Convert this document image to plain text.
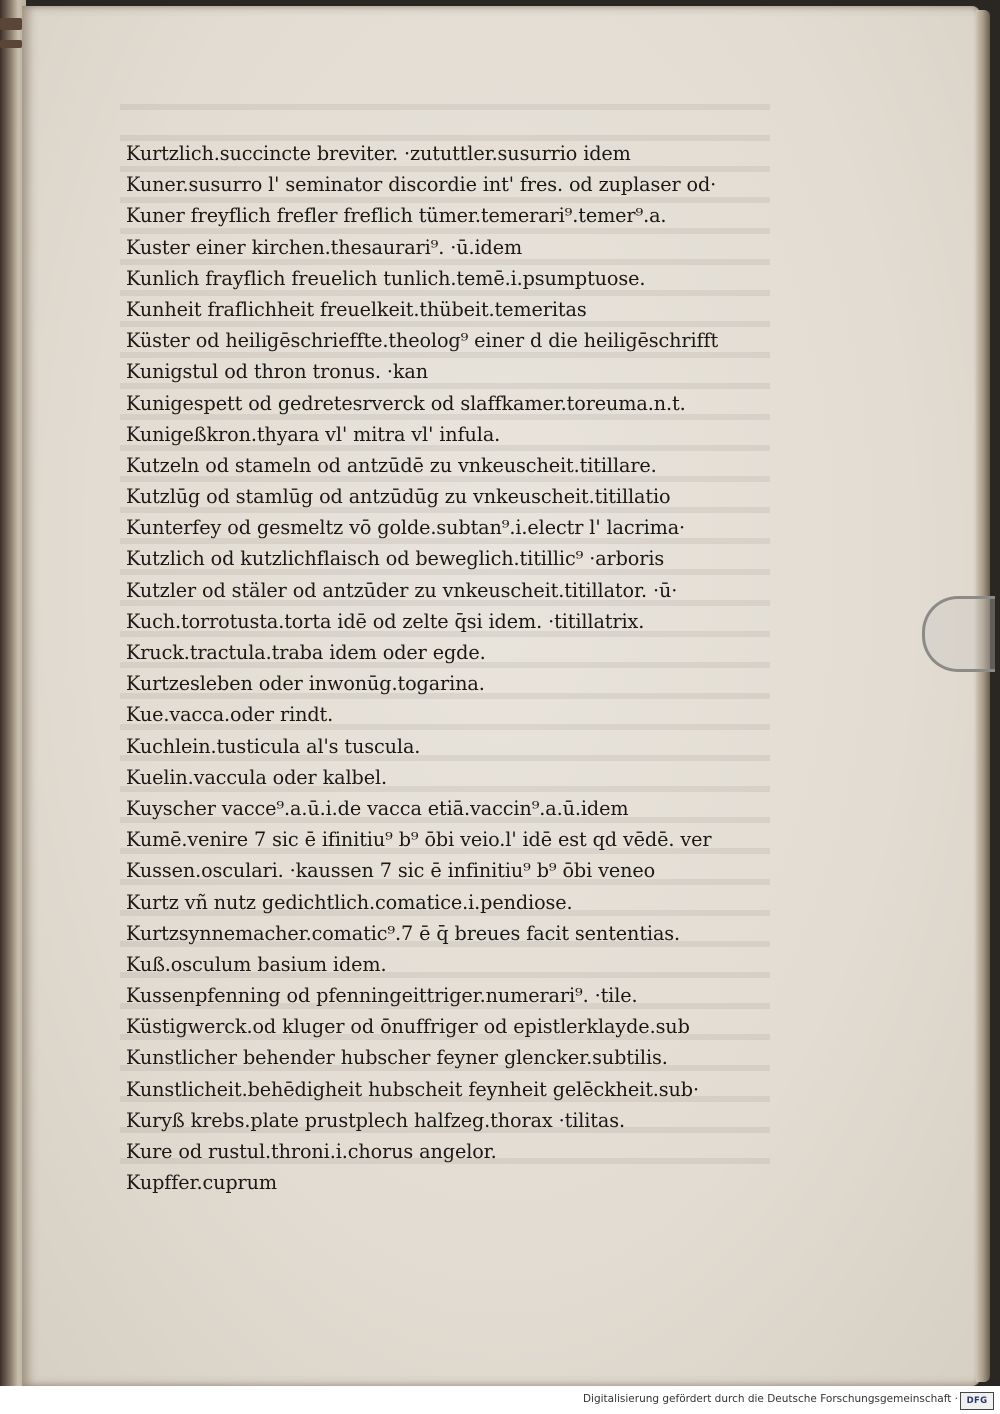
Kurtzlich.succincte breviter. ·zututtler.susurrio idem
Kuner.susurro l' seminator discordie int' fres. od zuplaser od·
Kuner freyflich frefler freflich tümer.temerari⁹.temer⁹.a.
Kuster einer kirchen.thesaurari⁹. ·ū.idem
Kunlich frayflich freuelich tunlich.temē.i.psumptuose.
Kunheit fraflichheit freuelkeit.thübeit.temeritas
Küster od heiligēschrieffte.theolog⁹ einer d die heiligēschrifft
Kunigstul od thron tronus. ·kan
Kunigespett od gedretesrverck od slaffkamer.toreuma.n.t.
Kunigeßkron.thyara vl' mitra vl' infula.
Kutzeln od stameln od antzūdē zu vnkeuscheit.titillare.
Kutzlūg od stamlūg od antzūdūg zu vnkeuscheit.titillatio
Kunterfey od gesmeltz vō golde.subtan⁹.i.electr l' lacrima·
Kutzlich od kutzlichflaisch od beweglich.titillic⁹ ·arboris
Kutzler od stäler od antzūder zu vnkeuscheit.titillator. ·ū·
Kuch.torrotusta.torta idē od zelte q̄si idem. ·titillatrix.
Kruck.tractula.traba idem oder egde.
Kurtzesleben oder inwonūg.togarina.
Kue.vacca.oder rindt.
Kuchlein.tusticula al's tuscula.
Kuelin.vaccula oder kalbel.
Kuyscher vacce⁹.a.ū.i.de vacca etiā.vaccin⁹.a.ū.idem
Kumē.venire 7 sic ē ifinitiu⁹ b⁹ ōbi veio.l' idē est qd vēdē. ver
Kussen.osculari. ·kaussen 7 sic ē infinitiu⁹ b⁹ ōbi veneo
Kurtz vñ nutz gedichtlich.comatice.i.pendiose.
Kurtzsynnemacher.comatic⁹.7 ē q̄ breues facit sententias.
Kuß.osculum basium idem.
Kussenpfenning od pfenningeittriger.numerari⁹. ·tile.
Küstigwerck.od kluger od ōnuffriger od epistlerklayde.sub
Kunstlicher behender hubscher feyner glencker.subtilis.
Kunstlicheit.behēdigheit hubscheit feynheit gelēckheit.sub·
Kuryß krebs.plate prustplech halfzeg.thorax ·tilitas.
Kure od rustul.throni.i.chorus angelor.
Kupffer.cuprum
Digitalisierung gefördert durch die Deutsche Forschungsgemeinschaft ·	DFG
